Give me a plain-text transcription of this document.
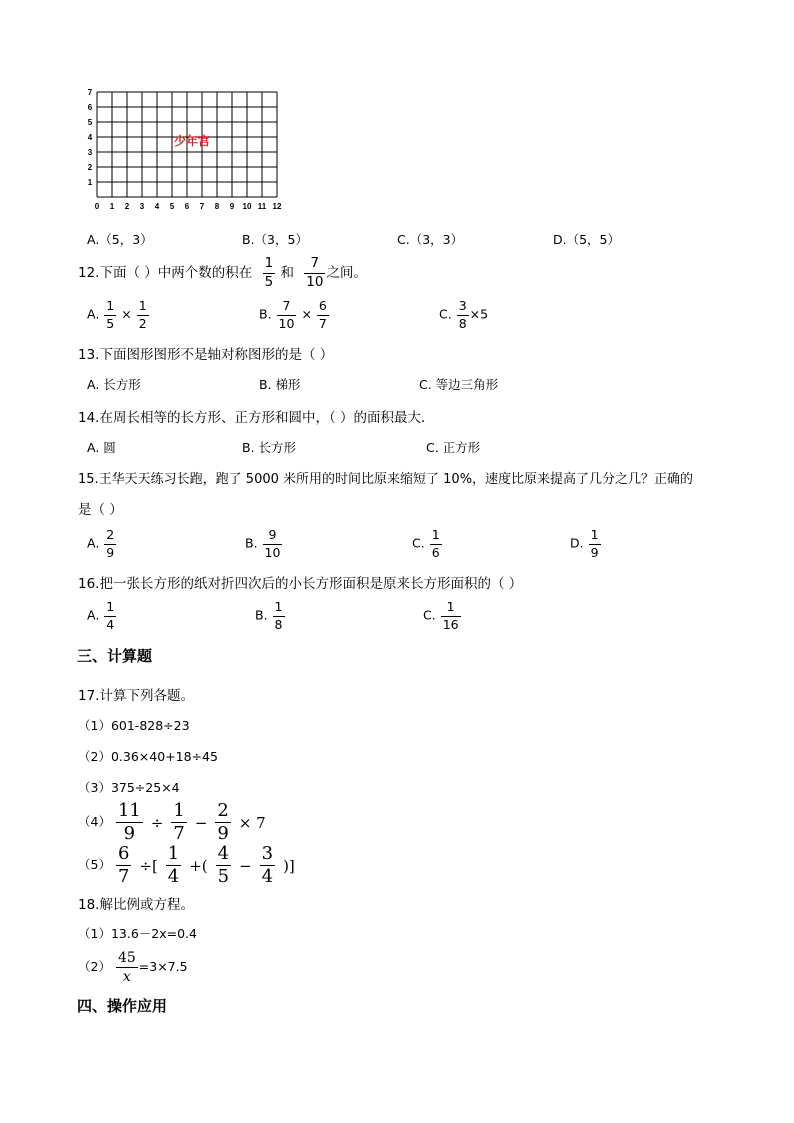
0 1 2 3 4 5 6 7 8 9 10 11 12
1
2
3
4
5
6
7
少年宫
A.（5，3）	B.（3，5）	C.（3，3）	D.（5，5）
12.下面（ ）中两个数的积在 $\frac{1}{5}$ 和 $\frac{7}{10}$ 之间。
A. $\frac{1}{5} \times \frac{1}{2}$	B. $\frac{7}{10} \times \frac{6}{7}$	C. $\frac{3}{8} \times 5$
13.下面图形图形不是轴对称图形的是（ ）
A. 长方形	B. 梯形	C. 等边三角形
14.在周长相等的长方形、正方形和圆中，（ ）的面积最大．
A. 圆	B. 长方形	C. 正方形
15.王华天天练习长跑，跑了 5000 米所用的时间比原来缩短了 10%，速度比原来提高了几分之几？正确的
是（ ）
A. $\frac{2}{9}$	B. $\frac{9}{10}$	C. $\frac{1}{6}$	D. $\frac{1}{9}$
16.把一张长方形的纸对折四次后的小长方形面积是原来长方形面积的（ ）
A. $\frac{1}{4}$	B. $\frac{1}{8}$	C. $\frac{1}{16}$
三、计算题
17.计算下列各题。
（1）601-828÷23
（2）0.36×40+18÷45
（3）375÷25×4
$(4) \frac{11}{9} \div \frac{1}{7} - \frac{2}{9} \times 7$
$(5) \frac{6}{7}$ ÷[ $\frac{1}{4}$ +( $\frac{4}{5} - \frac{3}{4}$ )]
18.解比例或方程。
（1）13.6－2x=0.4
$(2) \frac{45}{x} =3\times 7.5$
四、操作应用
